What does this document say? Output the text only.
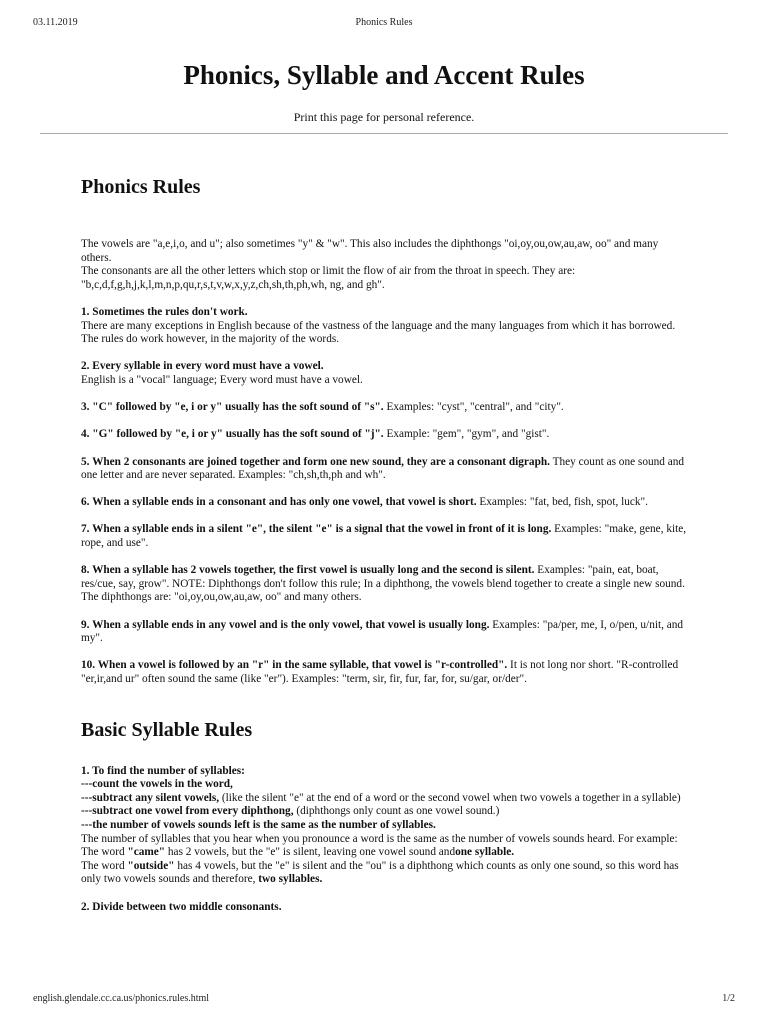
03.11.2019	Phonics Rules
Phonics, Syllable and Accent Rules
Print this page for personal reference.
Phonics Rules

The vowels are "a,e,i,o, and u"; also sometimes "y" & "w". This also includes the diphthongs "oi,oy,ou,ow,au,aw, oo" and many others.
The consonants are all the other letters which stop or limit the flow of air from the throat in speech. They are: "b,c,d,f,g,h,j,k,l,m,n,p,qu,r,s,t,v,w,x,y,z,ch,sh,th,ph,wh, ng, and gh".

1. Sometimes the rules don't work.
There are many exceptions in English because of the vastness of the language and the many languages from which it has borrowed. The rules do work however, in the majority of the words.

2. Every syllable in every word must have a vowel.
English is a "vocal" language; Every word must have a vowel.

3. "C" followed by "e, i or y" usually has the soft sound of "s". Examples: "cyst", "central", and "city".

4. "G" followed by "e, i or y" usually has the soft sound of "j". Example: "gem", "gym", and "gist".

5. When 2 consonants are joined together and form one new sound, they are a consonant digraph. They count as one sound and one letter and are never separated. Examples: "ch,sh,th,ph and wh".

6. When a syllable ends in a consonant and has only one vowel, that vowel is short. Examples: "fat, bed, fish, spot, luck".

7. When a syllable ends in a silent "e", the silent "e" is a signal that the vowel in front of it is long. Examples: "make, gene, kite, rope, and use".

8. When a syllable has 2 vowels together, the first vowel is usually long and the second is silent. Examples: "pain, eat, boat, res/cue, say, grow". NOTE: Diphthongs don't follow this rule; In a diphthong, the vowels blend together to create a single new sound. The diphthongs are: "oi,oy,ou,ow,au,aw, oo" and many others.

9. When a syllable ends in any vowel and is the only vowel, that vowel is usually long. Examples: "pa/per, me, I, o/pen, u/nit, and my".

10. When a vowel is followed by an "r" in the same syllable, that vowel is "r-controlled". It is not long nor short. "R-controlled "er,ir,and ur" often sound the same (like "er"). Examples: "term, sir, fir, fur, far, for, su/gar, or/der".

Basic Syllable Rules

1. To find the number of syllables:
---count the vowels in the word,
---subtract any silent vowels, (like the silent "e" at the end of a word or the second vowel when two vowels a together in a syllable)
---subtract one vowel from every diphthong, (diphthongs only count as one vowel sound.)
---the number of vowels sounds left is the same as the number of syllables.
The number of syllables that you hear when you pronounce a word is the same as the number of vowels sounds heard. For example:
The word "came" has 2 vowels, but the "e" is silent, leaving one vowel sound andone syllable.
The word "outside" has 4 vowels, but the "e" is silent and the "ou" is a diphthong which counts as only one sound, so this word has only two vowels sounds and therefore, two syllables.

2. Divide between two middle consonants.

english.glendale.cc.ca.us/phonics.rules.html	1/2
